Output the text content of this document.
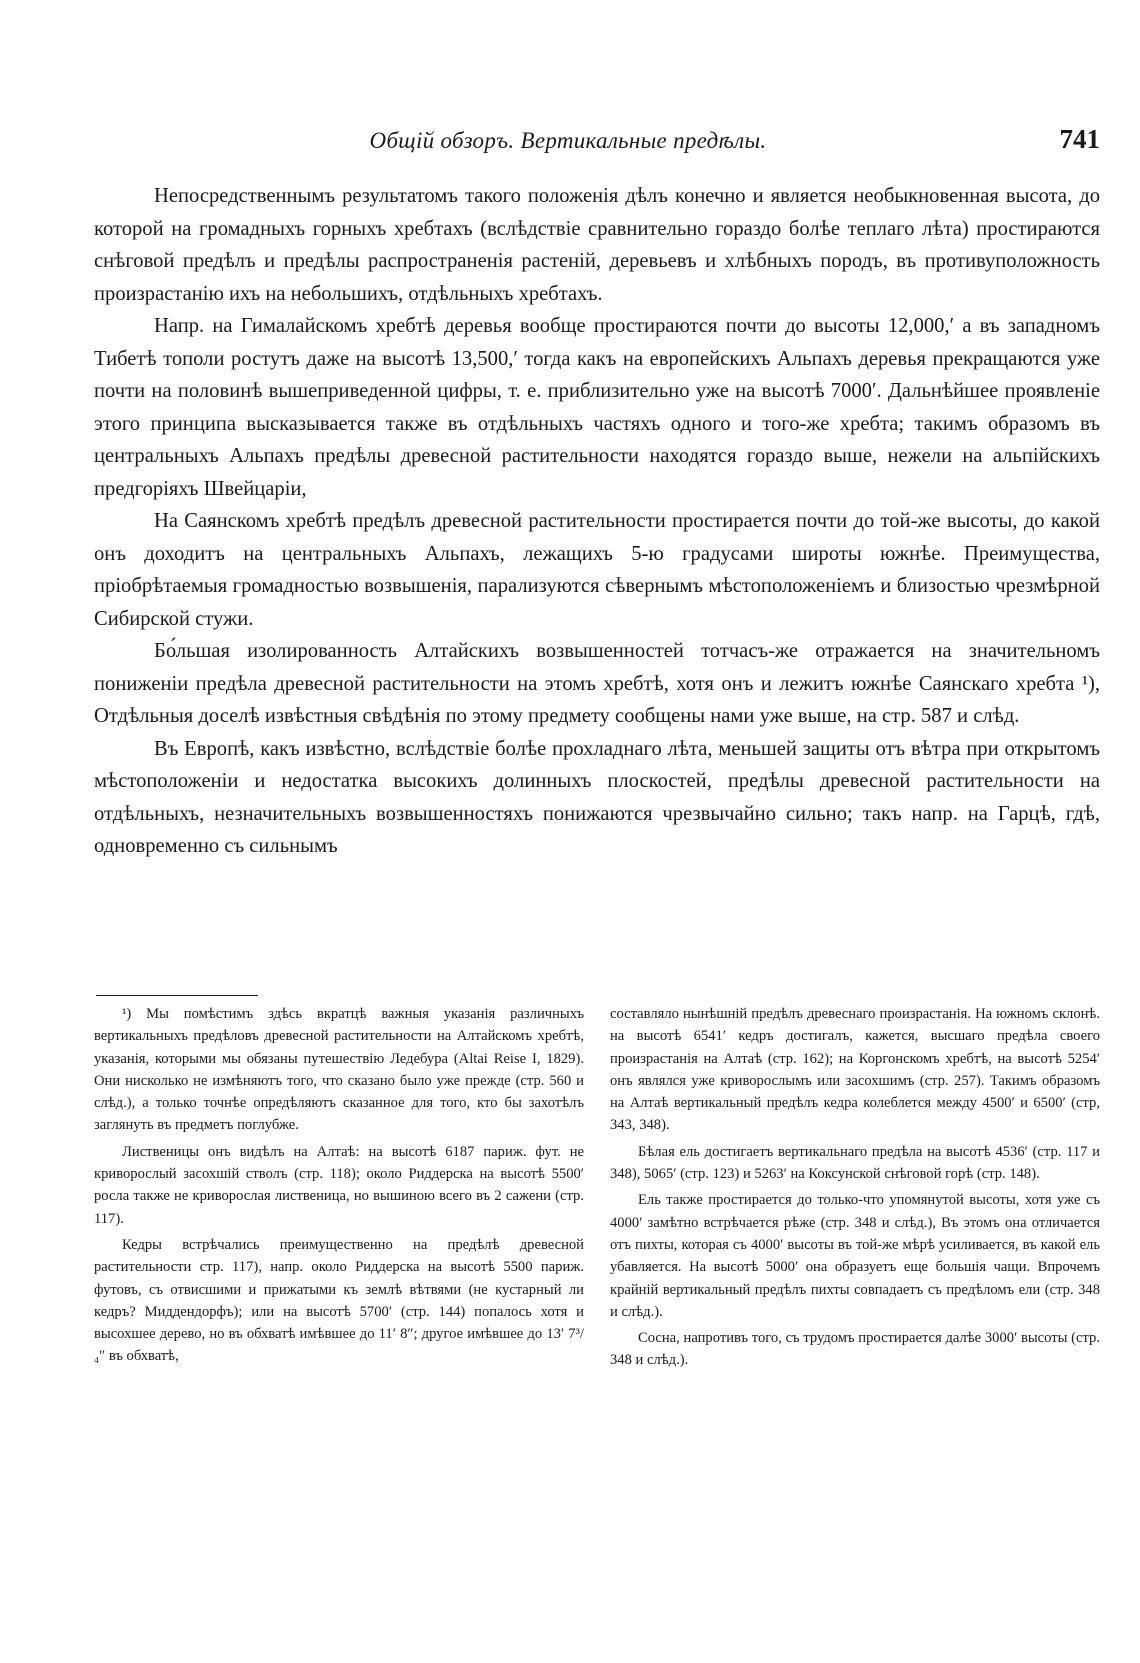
Общій обзоръ. Вертикальные предѣлы.	741

Непосредственнымъ результатомъ такого положенія дѣлъ конечно и является необыкновенная высота, до которой на громадныхъ горныхъ хребтахъ (вслѣдствіе сравнительно гораздо болѣе теплаго лѣта) простираются снѣговой предѣлъ и предѣлы распространенія растеній, деревьевъ и хлѣбныхъ породъ, въ противуположность произрастанію ихъ на небольшихъ, отдѣльныхъ хребтахъ.

Напр. на Гималайскомъ хребтѣ деревья вообще простираются почти до высоты 12,000,′ а въ западномъ Тибетѣ тополи ростутъ даже на высотѣ 13,500,′ тогда какъ на европейскихъ Альпахъ деревья прекращаются уже почти на половинѣ вышеприведенной цифры, т. е. приблизительно уже на высотѣ 7000′. Дальнѣйшее проявленіе этого принципа высказывается также въ отдѣльныхъ частяхъ одного и того-же хребта; такимъ образомъ въ центральныхъ Альпахъ предѣлы древесной растительности находятся гораздо выше, нежели на альпійскихъ предгоріяхъ Швейцаріи,

На Саянскомъ хребтѣ предѣлъ древесной растительности простирается почти до той-же высоты, до какой онъ доходитъ на центральныхъ Альпахъ, лежащихъ 5-ю градусами широты южнѣе. Преимущества, пріобрѣтаемыя громадностью возвышенія, парализуются сѣвернымъ мѣстоположеніемъ и близостью чрезмѣрной Сибирской стужи.

Бо́льшая изолированность Алтайскихъ возвышенностей тотчасъ-же отражается на значительномъ пониженіи предѣла древесной растительности на этомъ хребтѣ, хотя онъ и лежитъ южнѣе Саянскаго хребта ¹), Отдѣльныя доселѣ извѣстныя свѣдѣнія по этому предмету сообщены нами уже выше, на стр. 587 и слѣд.

Въ Европѣ, какъ извѣстно, вслѣдствіе болѣе прохладнаго лѣта, меньшей защиты отъ вѣтра при открытомъ мѣстоположеніи и недостатка высокихъ долинныхъ плоскостей, предѣлы древесной растительности на отдѣльныхъ, незначительныхъ возвышенностяхъ понижаются чрезвычайно сильно; такъ напр. на Гарцѣ, гдѣ, одновременно съ сильнымъ

¹) Мы помѣстимъ здѣсь вкратцѣ важныя указанія различныхъ вертикальныхъ предѣловъ древесной растительности на Алтайскомъ хребтѣ, указанія, которыми мы обязаны путешествію Ледебура (Altai Reise I, 1829). Они нисколько не измѣняютъ того, что сказано было уже прежде (стр. 560 и слѣд.), а только точнѣе опредѣляютъ сказанное для того, кто бы захотѣлъ заглянуть въ предметъ поглубже.

Лиственицы онъ видѣлъ на Алтаѣ: на высотѣ 6187 париж. фут. не криворослый засохшій стволъ (стр. 118); около Риддерска на высотѣ 5500′ росла также не криворослая лиственица, но вышиною всего въ 2 сажени (стр. 117).

Кедры встрѣчались преимущественно на предѣлѣ древесной растительности стр. 117), напр. около Риддерска на высотѣ 5500 париж. футовъ, съ отвисшими и прижатыми къ землѣ вѣтвями (не кустарный ли кедръ? Миддендорфъ); или на высотѣ 5700′ (стр. 144) попалось хотя и высохшее дерево, но въ обхватѣ имѣвшее до 11′ 8″; другое имѣвшее до 13′ 7³/₄″ въ обхватѣ,

составляло нынѣшній предѣлъ древеснаго произрастанія. На южномъ склонѣ. на высотѣ 6541′ кедръ достигалъ, кажется, высшаго предѣла своего произрастанія на Алтаѣ (стр. 162); на Коргонскомъ хребтѣ, на высотѣ 5254′ онъ являлся уже криворослымъ или засохшимъ (стр. 257). Такимъ образомъ на Алтаѣ вертикальный предѣлъ кедра колеблется между 4500′ и 6500′ (стр, 343, 348).

Бѣлая ель достигаетъ вертикальнаго предѣла на высотѣ 4536′ (стр. 117 и 348), 5065′ (стр. 123) и 5263′ на Коксунской снѣговой горѣ (стр. 148).

Ель также простирается до только-что упомянутой высоты, хотя уже съ 4000′ замѣтно встрѣчается рѣже (стр. 348 и слѣд.), Въ этомъ она отличается отъ пихты, которая съ 4000′ высоты въ той-же мѣрѣ усиливается, въ какой ель убавляется. На высотѣ 5000′ она образуетъ еще большія чащи. Впрочемъ крайній вертикальный предѣлъ пихты совпадаетъ съ предѣломъ ели (стр. 348 и слѣд.).

Сосна, напротивъ того, съ трудомъ простирается далѣе 3000′ высоты (стр. 348 и слѣд.).
